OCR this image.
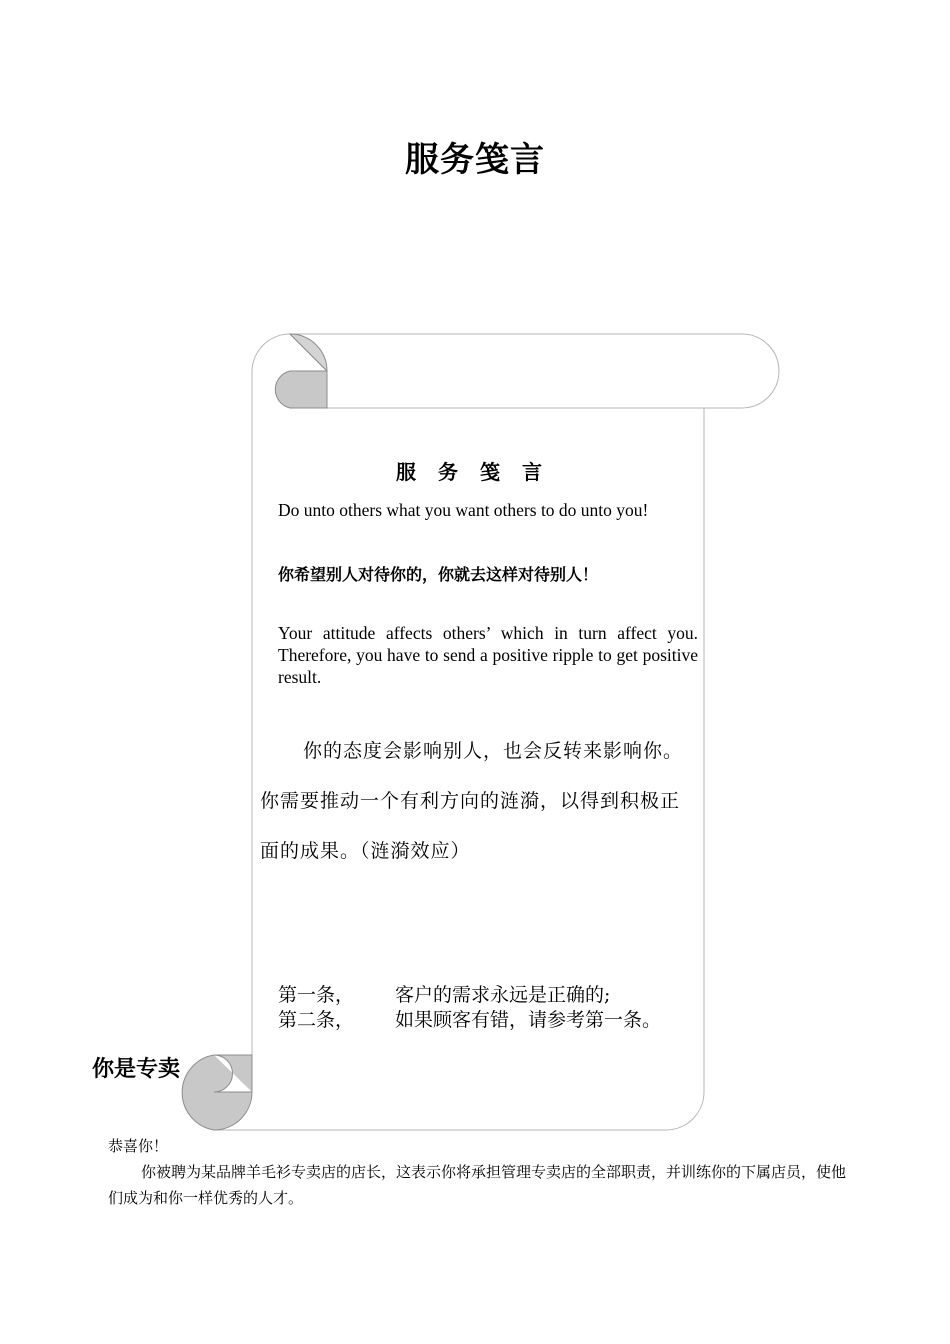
服务笺言
服务笺言
Do unto others what you want others to do unto you!
你希望别人对待你的，你就去这样对待别人！
Your attitude affects others’ which in turn affect you. Therefore, you have to send a positive ripple to get positive result.
你的态度会影响别人，也会反转来影响你。
你需要推动一个有利方向的涟漪，以得到积极正
面的成果。（涟漪效应）
第一条，	客户的需求永远是正确的;
第二条，	如果顾客有错，请参考第一条。
你是专卖
恭喜你！
你被聘为某品牌羊毛衫专卖店的店长，这表示你将承担管理专卖店的全部职责，并训练你的下属店员，使他们成为和你一样优秀的人才。
